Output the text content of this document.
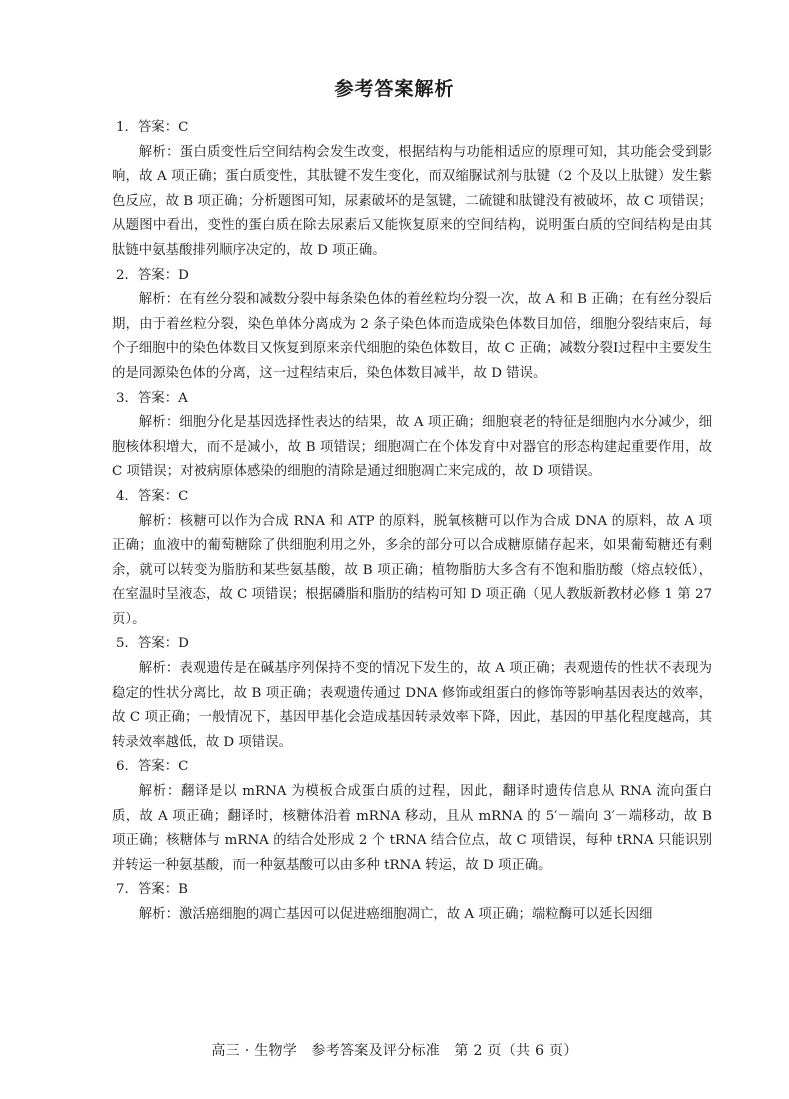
参考答案解析

1．答案：C

解析：蛋白质变性后空间结构会发生改变，根据结构与功能相适应的原理可知，其功能会受到影响，故 A 项正确；蛋白质变性，其肽键不发生变化，而双缩脲试剂与肽键（2 个及以上肽键）发生紫色反应，故 B 项正确；分析题图可知，尿素破坏的是氢键，二硫键和肽键没有被破坏，故 C 项错误；从题图中看出，变性的蛋白质在除去尿素后又能恢复原来的空间结构，说明蛋白质的空间结构是由其肽链中氨基酸排列顺序决定的，故 D 项正确。

2．答案：D

解析：在有丝分裂和减数分裂中每条染色体的着丝粒均分裂一次，故 A 和 B 正确；在有丝分裂后期，由于着丝粒分裂，染色单体分离成为 2 条子染色体而造成染色体数目加倍，细胞分裂结束后，每个子细胞中的染色体数目又恢复到原来亲代细胞的染色体数目，故 C 正确；减数分裂Ⅰ过程中主要发生的是同源染色体的分离，这一过程结束后，染色体数目减半，故 D 错误。

3．答案：A

解析：细胞分化是基因选择性表达的结果，故 A 项正确；细胞衰老的特征是细胞内水分减少，细胞核体积增大，而不是减小，故 B 项错误；细胞凋亡在个体发育中对器官的形态构建起重要作用，故 C 项错误；对被病原体感染的细胞的清除是通过细胞凋亡来完成的，故 D 项错误。

4．答案：C

解析：核糖可以作为合成 RNA 和 ATP 的原料，脱氧核糖可以作为合成 DNA 的原料，故 A 项正确；血液中的葡萄糖除了供细胞利用之外，多余的部分可以合成糖原储存起来，如果葡萄糖还有剩余，就可以转变为脂肪和某些氨基酸，故 B 项正确；植物脂肪大多含有不饱和脂肪酸（熔点较低），在室温时呈液态，故 C 项错误；根据磷脂和脂肪的结构可知 D 项正确（见人教版新教材必修 1 第 27 页）。

5．答案：D

解析：表观遗传是在碱基序列保持不变的情况下发生的，故 A 项正确；表观遗传的性状不表现为稳定的性状分离比，故 B 项正确；表观遗传通过 DNA 修饰或组蛋白的修饰等影响基因表达的效率，故 C 项正确；一般情况下，基因甲基化会造成基因转录效率下降，因此，基因的甲基化程度越高，其转录效率越低，故 D 项错误。

6．答案：C

解析：翻译是以 mRNA 为模板合成蛋白质的过程，因此，翻译时遗传信息从 RNA 流向蛋白质，故 A 项正确；翻译时，核糖体沿着 mRNA 移动，且从 mRNA 的 5′－端向 3′－端移动，故 B 项正确；核糖体与 mRNA 的结合处形成 2 个 tRNA 结合位点，故 C 项错误，每种 tRNA 只能识别并转运一种氨基酸，而一种氨基酸可以由多种 tRNA 转运，故 D 项正确。

7．答案：B

解析：激活癌细胞的凋亡基因可以促进癌细胞凋亡，故 A 项正确；端粒酶可以延长因细

高三 · 生物学　参考答案及评分标准　第 2 页（共 6 页）
